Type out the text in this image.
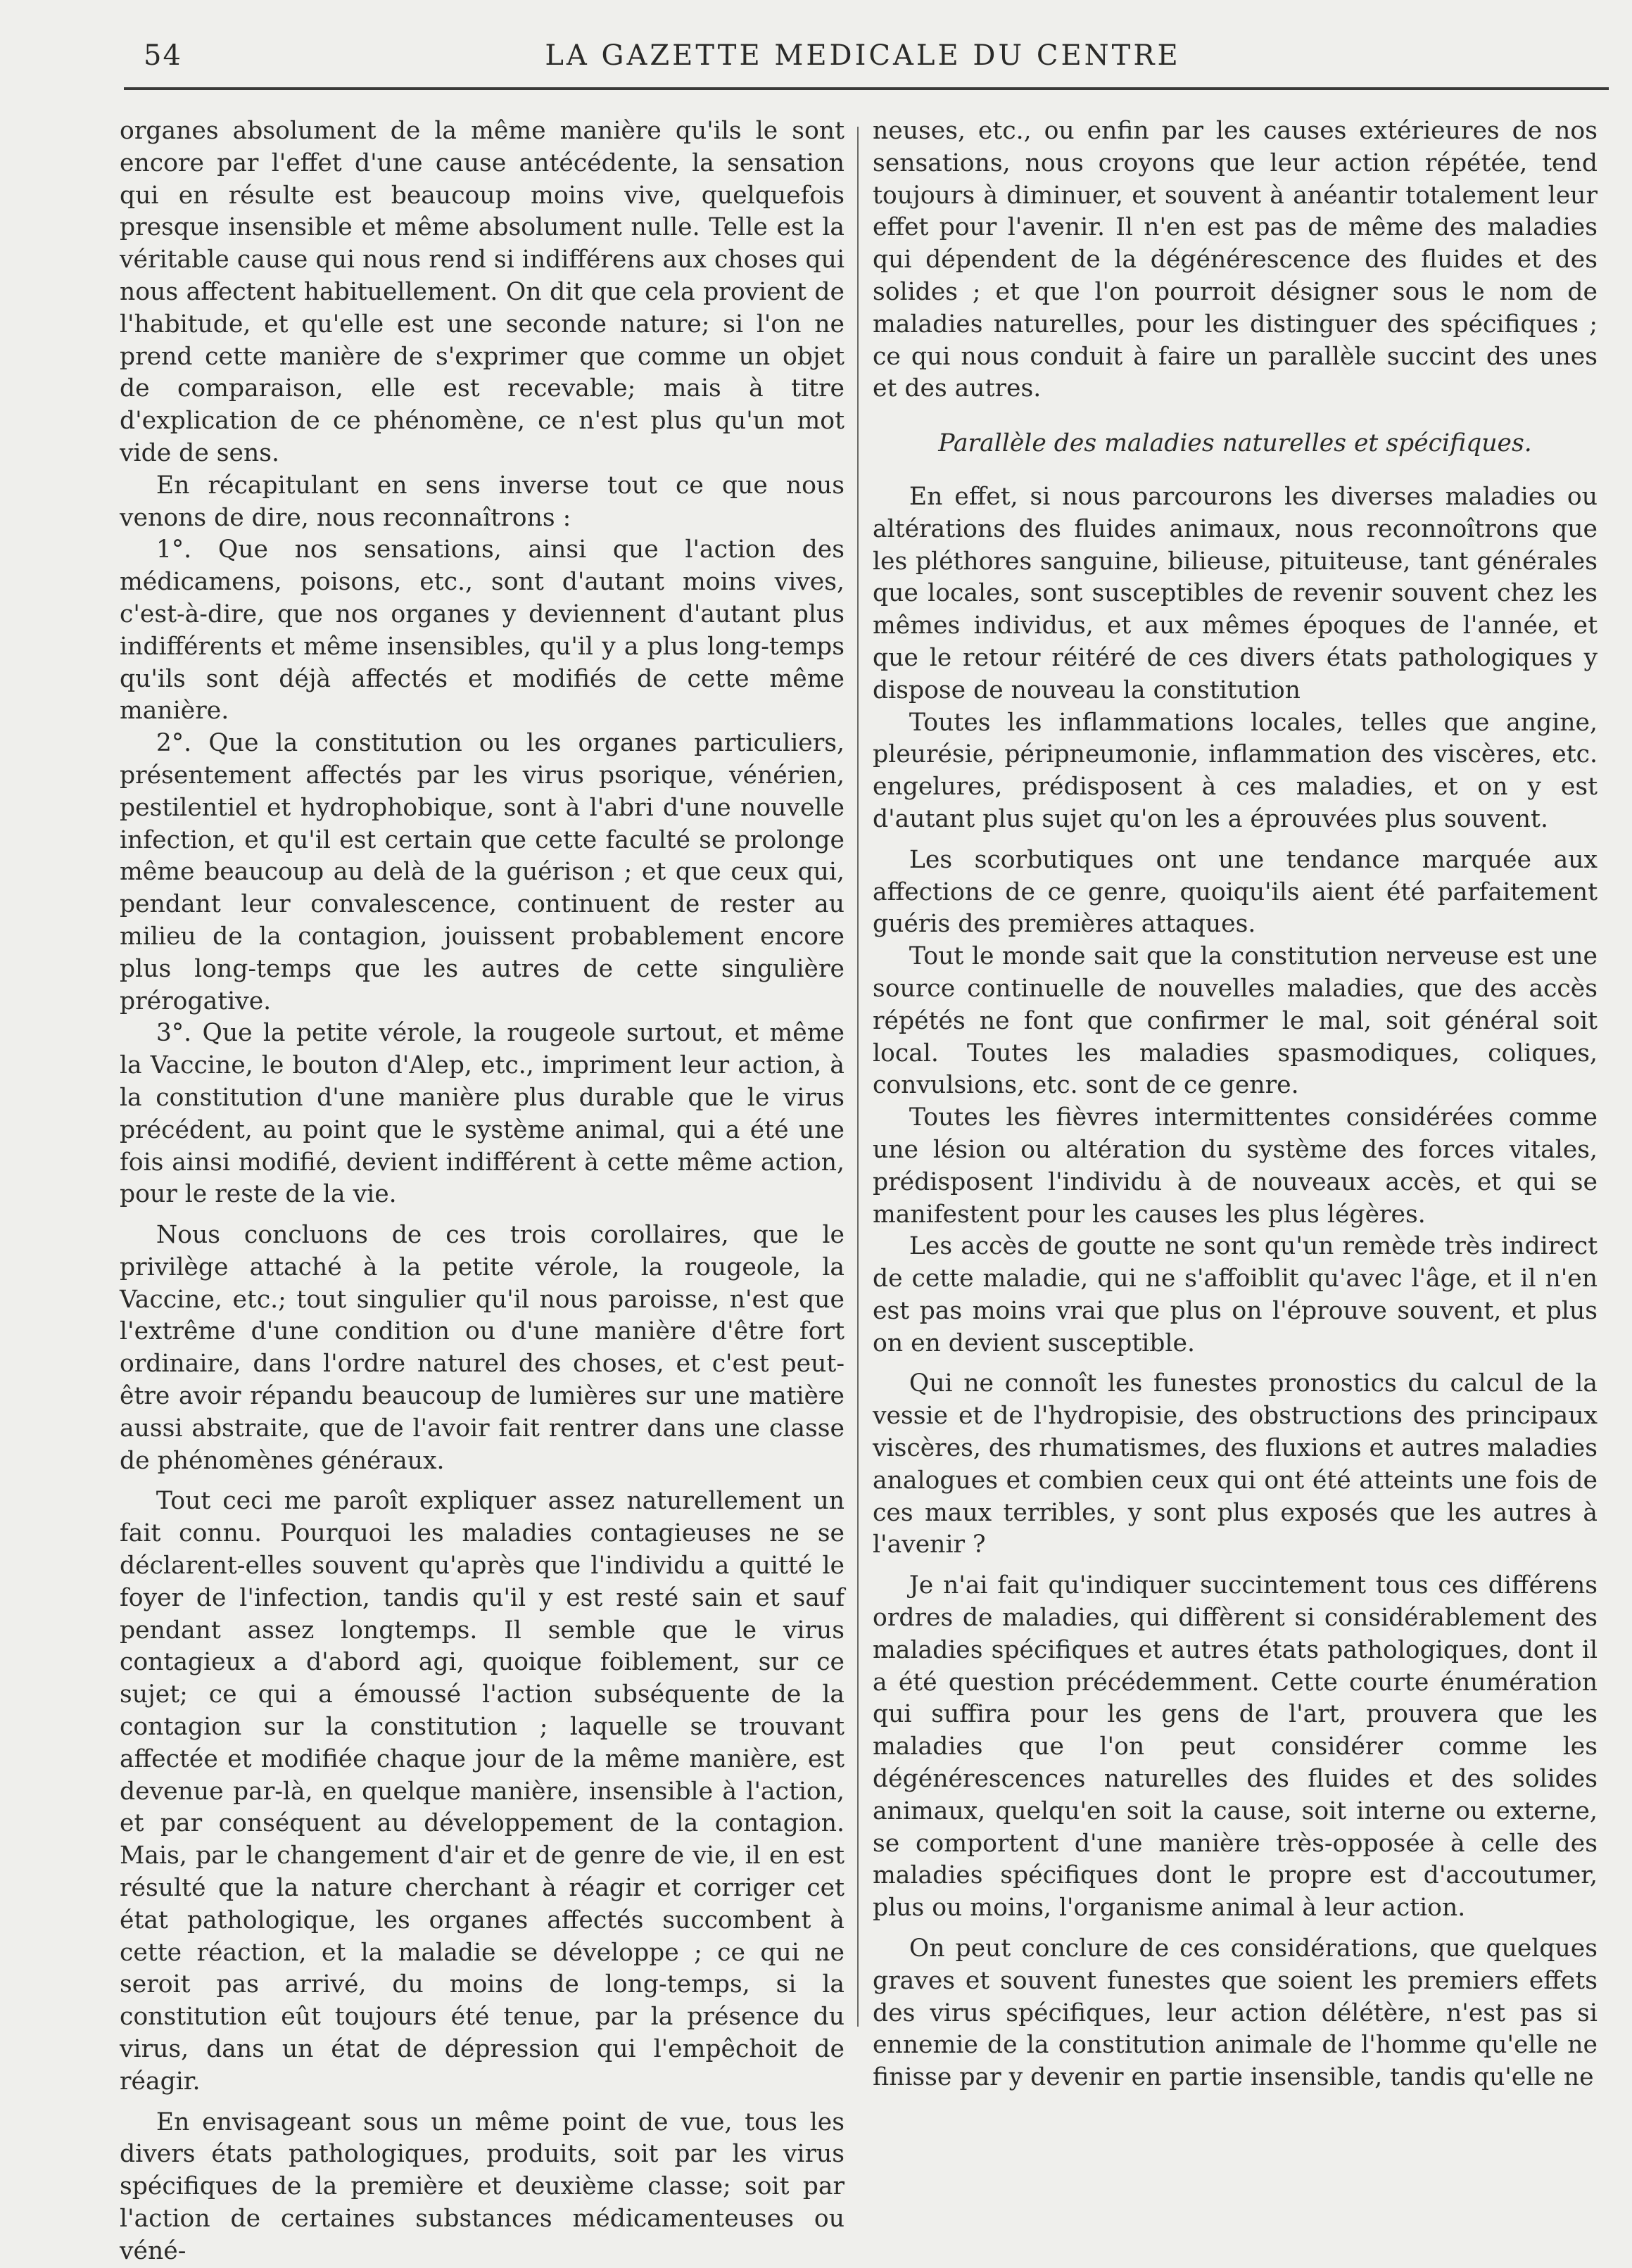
54	LA GAZETTE MEDICALE DU CENTRE

organes absolument de la même manière qu'ils le sont encore par l'effet d'une cause antécédente, la sensation qui en résulte est beaucoup moins vive, quelquefois presque insensible et même absolument nulle. Telle est la véritable cause qui nous rend si indifférens aux choses qui nous affectent habituellement. On dit que cela provient de l'habitude, et qu'elle est une seconde nature; si l'on ne prend cette manière de s'exprimer que comme un objet de comparaison, elle est recevable; mais à titre d'explication de ce phénomène, ce n'est plus qu'un mot vide de sens.

En récapitulant en sens inverse tout ce que nous venons de dire, nous reconnaîtrons :

1°. Que nos sensations, ainsi que l'action des médicamens, poisons, etc., sont d'autant moins vives, c'est-à-dire, que nos organes y deviennent d'autant plus indifférents et même insensibles, qu'il y a plus long-temps qu'ils sont déjà affectés et modifiés de cette même manière.

2°. Que la constitution ou les organes particuliers, présentement affectés par les virus psorique, vénérien, pestilentiel et hydrophobique, sont à l'abri d'une nouvelle infection, et qu'il est certain que cette faculté se prolonge même beaucoup au delà de la guérison ; et que ceux qui, pendant leur convalescence, continuent de rester au milieu de la contagion, jouissent probablement encore plus long-temps que les autres de cette singulière prérogative.

3°. Que la petite vérole, la rougeole surtout, et même la Vaccine, le bouton d'Alep, etc., impriment leur action, à la constitution d'une manière plus durable que le virus précédent, au point que le système animal, qui a été une fois ainsi modifié, devient indifférent à cette même action, pour le reste de la vie.

Nous concluons de ces trois corollaires, que le privilège attaché à la petite vérole, la rougeole, la Vaccine, etc.; tout singulier qu'il nous paroisse, n'est que l'extrême d'une condition ou d'une manière d'être fort ordinaire, dans l'ordre naturel des choses, et c'est peut-être avoir répandu beaucoup de lumières sur une matière aussi abstraite, que de l'avoir fait rentrer dans une classe de phénomènes généraux.

Tout ceci me paroît expliquer assez naturellement un fait connu. Pourquoi les maladies contagieuses ne se déclarent-elles souvent qu'après que l'individu a quitté le foyer de l'infection, tandis qu'il y est resté sain et sauf pendant assez longtemps. Il semble que le virus contagieux a d'abord agi, quoique foiblement, sur ce sujet; ce qui a émoussé l'action subséquente de la contagion sur la constitution ; laquelle se trouvant affectée et modifiée chaque jour de la même manière, est devenue par-là, en quelque manière, insensible à l'action, et par conséquent au développement de la contagion. Mais, par le changement d'air et de genre de vie, il en est résulté que la nature cherchant à réagir et corriger cet état pathologique, les organes affectés succombent à cette réaction, et la maladie se développe ; ce qui ne seroit pas arrivé, du moins de long-temps, si la constitution eût toujours été tenue, par la présence du virus, dans un état de dépression qui l'empêchoit de réagir.

En envisageant sous un même point de vue, tous les divers états pathologiques, produits, soit par les virus spécifiques de la première et deuxième classe; soit par l'action de certaines substances médicamenteuses ou véné-

neuses, etc., ou enfin par les causes extérieures de nos sensations, nous croyons que leur action répétée, tend toujours à diminuer, et souvent à anéantir totalement leur effet pour l'avenir. Il n'en est pas de même des maladies qui dépendent de la dégénérescence des fluides et des solides ; et que l'on pourroit désigner sous le nom de maladies naturelles, pour les distinguer des spécifiques ; ce qui nous conduit à faire un parallèle succint des unes et des autres.

Parallèle des maladies naturelles et spécifiques.

En effet, si nous parcourons les diverses maladies ou altérations des fluides animaux, nous reconnoîtrons que les pléthores sanguine, bilieuse, pituiteuse, tant générales que locales, sont susceptibles de revenir souvent chez les mêmes individus, et aux mêmes époques de l'année, et que le retour réitéré de ces divers états pathologiques y dispose de nouveau la constitution

Toutes les inflammations locales, telles que angine, pleurésie, péripneumonie, inflammation des viscères, etc. engelures, prédisposent à ces maladies, et on y est d'autant plus sujet qu'on les a éprouvées plus souvent.

Les scorbutiques ont une tendance marquée aux affections de ce genre, quoiqu'ils aient été parfaitement guéris des premières attaques.

Tout le monde sait que la constitution nerveuse est une source continuelle de nouvelles maladies, que des accès répétés ne font que confirmer le mal, soit général soit local. Toutes les maladies spasmodiques, coliques, convulsions, etc. sont de ce genre.

Toutes les fièvres intermittentes considérées comme une lésion ou altération du système des forces vitales, prédisposent l'individu à de nouveaux accès, et qui se manifestent pour les causes les plus légères.

Les accès de goutte ne sont qu'un remède très indirect de cette maladie, qui ne s'affoiblit qu'avec l'âge, et il n'en est pas moins vrai que plus on l'éprouve souvent, et plus on en devient susceptible.

Qui ne connoît les funestes pronostics du calcul de la vessie et de l'hydropisie, des obstructions des principaux viscères, des rhumatismes, des fluxions et autres maladies analogues et combien ceux qui ont été atteints une fois de ces maux terribles, y sont plus exposés que les autres à l'avenir ?

Je n'ai fait qu'indiquer succintement tous ces différens ordres de maladies, qui diffèrent si considérablement des maladies spécifiques et autres états pathologiques, dont il a été question précédemment. Cette courte énumération qui suffira pour les gens de l'art, prouvera que les maladies que l'on peut considérer comme les dégénérescences naturelles des fluides et des solides animaux, quelqu'en soit la cause, soit interne ou externe, se comportent d'une manière très-opposée à celle des maladies spécifiques dont le propre est d'accoutumer, plus ou moins, l'organisme animal à leur action.

On peut conclure de ces considérations, que quelques graves et souvent funestes que soient les premiers effets des virus spécifiques, leur action délétère, n'est pas si ennemie de la constitution animale de l'homme qu'elle ne finisse par y devenir en partie insensible, tandis qu'elle ne
